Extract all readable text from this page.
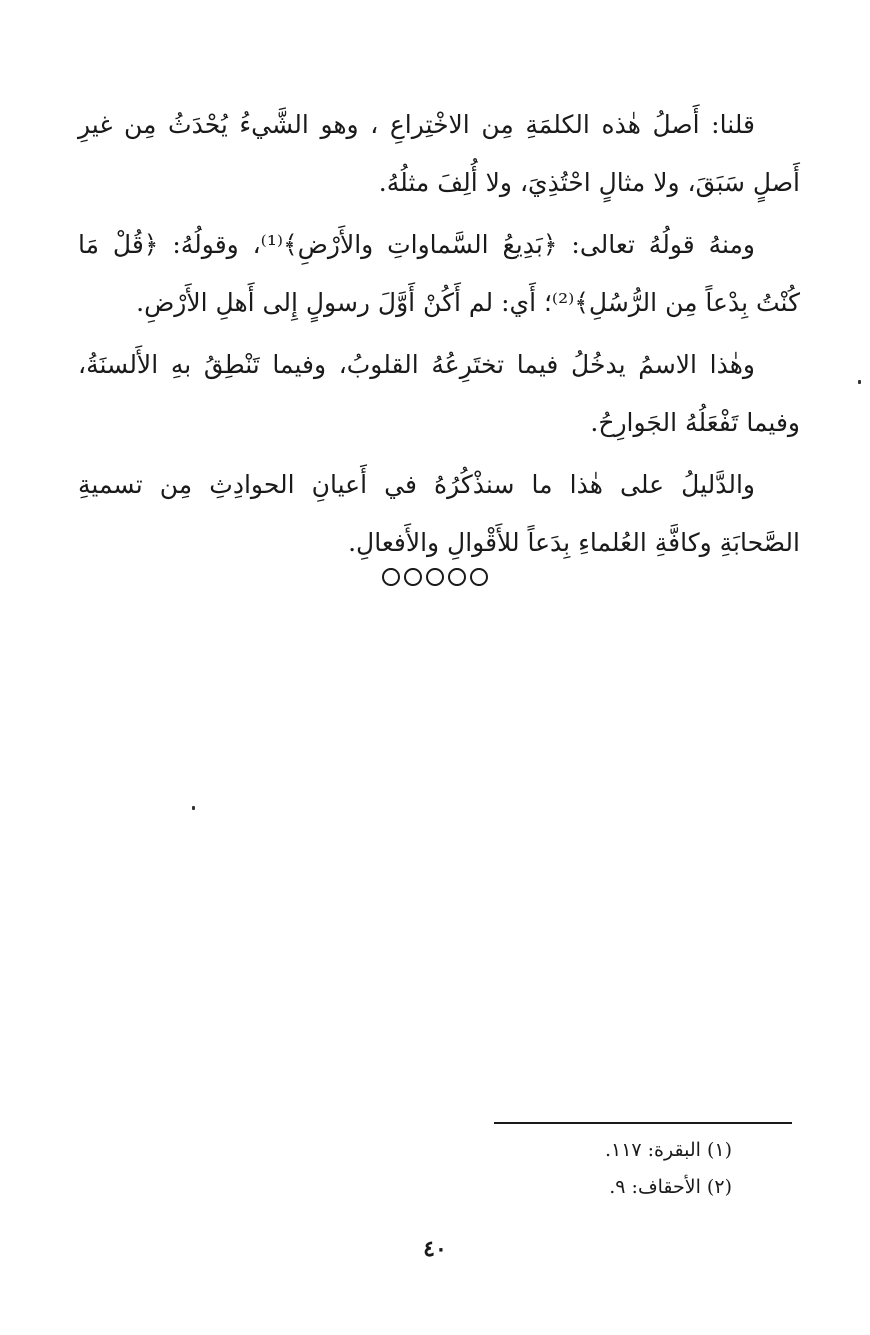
قلنا: أَصلُ هٰذه الكلمَةِ مِن الاخْتِراعِ ، وهو الشَّيءُ يُحْدَثُ مِن غيرِ أَصلٍ سَبَقَ، ولا مثالٍ احْتُذِيَ، ولا أُلِفَ مثلُهُ.

ومنهُ قولُهُ تعالى: ﴿بَدِيعُ السَّماواتِ والأَرْضِ﴾⁽¹⁾، وقولُهُ: ﴿قُلْ مَا كُنْتُ بِدْعاً مِن الرُّسُلِ﴾⁽²⁾؛ أَي: لم أَكُنْ أَوَّلَ رسولٍ إِلى أَهلِ الأَرْضِ.

وهٰذا الاسمُ يدخُلُ فيما تختَرِعُهُ القلوبُ، وفيما تَنْطِقُ بهِ الأَلسنَةُ، وفيما تَفْعَلُهُ الجَوارِحُ.

والدَّليلُ على هٰذا ما سنذْكُرُهُ في أَعيانِ الحوادِثِ مِن تسميةِ الصَّحابَةِ وكافَّةِ العُلماءِ بِدَعاً للأَقْوالِ والأَفعالِ.

(١) البقرة: ١١٧.

(٢) الأحقاف: ٩.

٤٠
